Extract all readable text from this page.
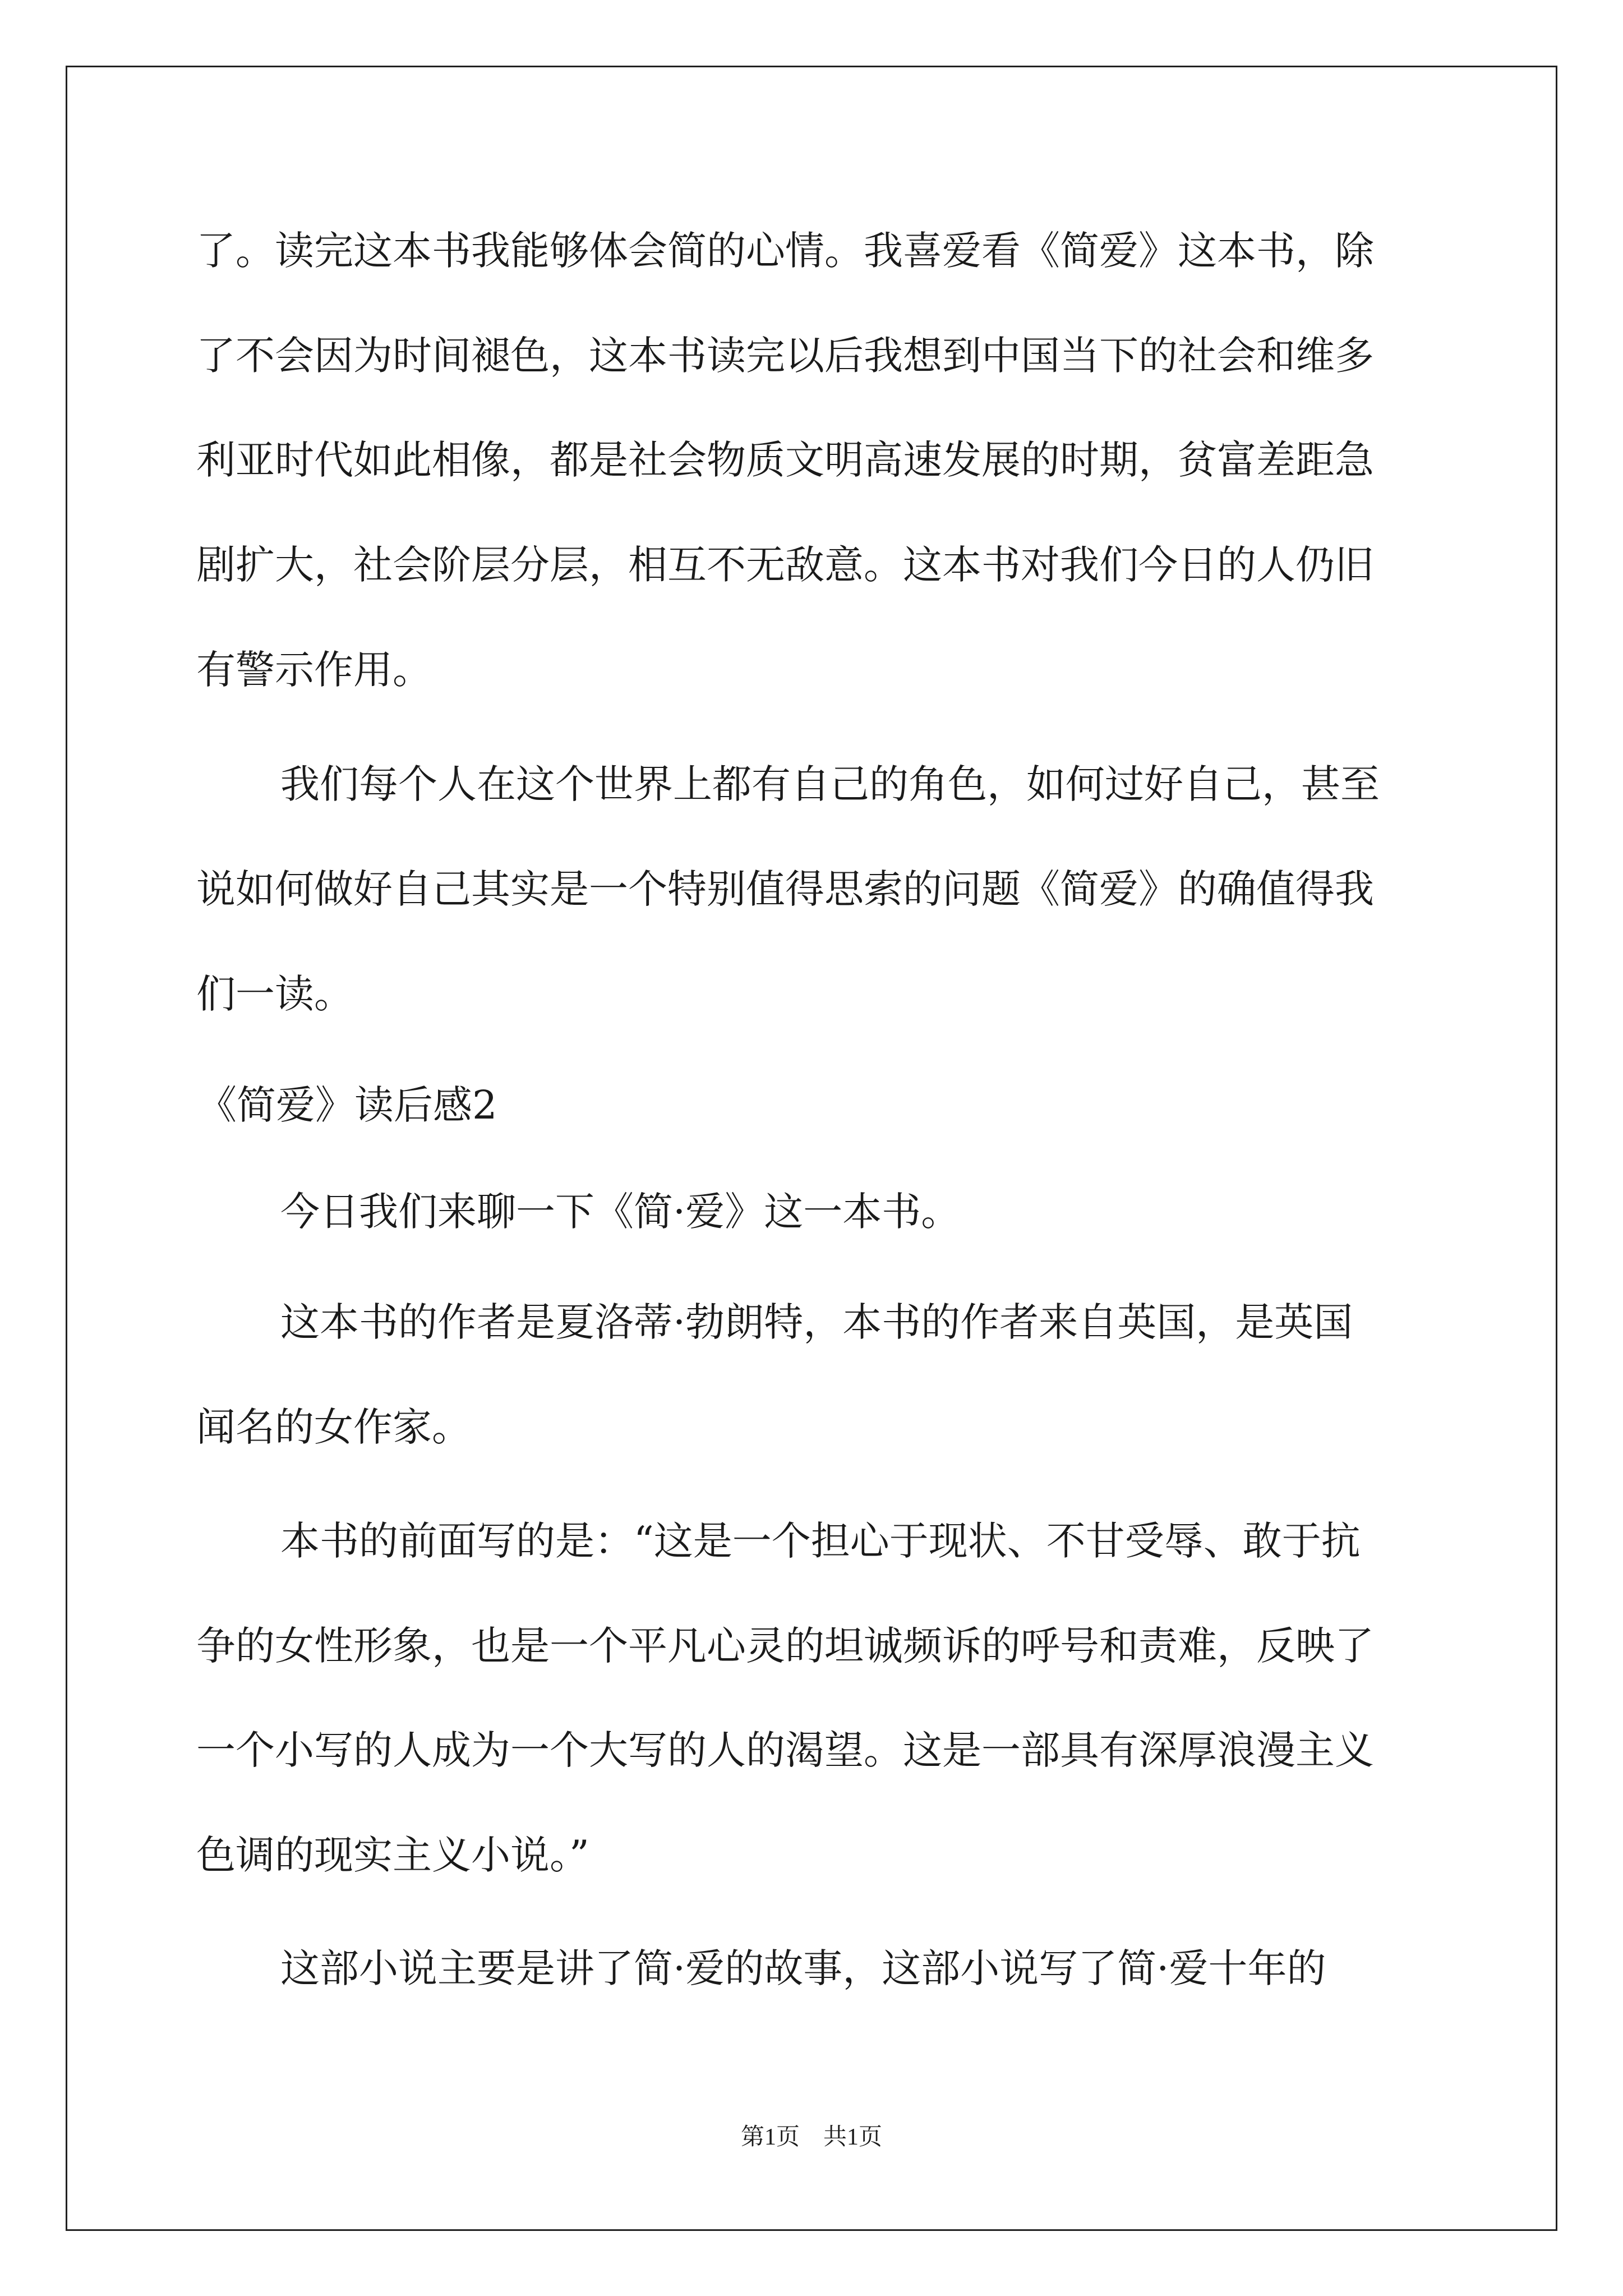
了。读完这本书我能够体会简的心情。我喜爱看《简爱》这本书，除
了不会因为时间褪色，这本书读完以后我想到中国当下的社会和维多
利亚时代如此相像，都是社会物质文明高速发展的时期，贫富差距急
剧扩大，社会阶层分层，相互不无敌意。这本书对我们今日的人仍旧
有警示作用。
我们每个人在这个世界上都有自己的角色，如何过好自己，甚至
说如何做好自己其实是一个特别值得思索的问题《简爱》的确值得我
们一读。
《简爱》读后感2
今日我们来聊一下《简·爱》这一本书。
这本书的作者是夏洛蒂·勃朗特，本书的作者来自英国，是英国
闻名的女作家。
本书的前面写的是：“这是一个担心于现状、不甘受辱、敢于抗
争的女性形象，也是一个平凡心灵的坦诚频诉的呼号和责难，反映了
一个小写的人成为一个大写的人的渴望。这是一部具有深厚浪漫主义
色调的现实主义小说。”
这部小说主要是讲了简·爱的故事，这部小说写了简·爱十年的
第1页　共1页
